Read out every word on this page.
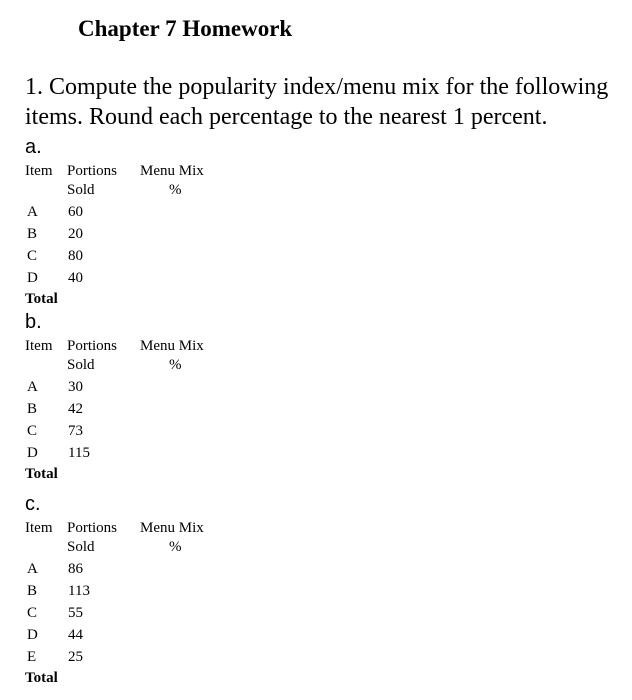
Chapter 7 Homework
1. Compute the popularity index/menu mix for the following
items. Round each percentage to the nearest 1 percent.
a.
Item Portions Menu Mix
Sold	%
A 60
B 20
C 80
D 40
Total
b.
Item Portions Menu Mix
Sold	%
A 30
B 42
C 73
D 115
Total
c.
Item Portions Menu Mix
Sold	%
A 86
B 113
C 55
D 44
E 25
Total
